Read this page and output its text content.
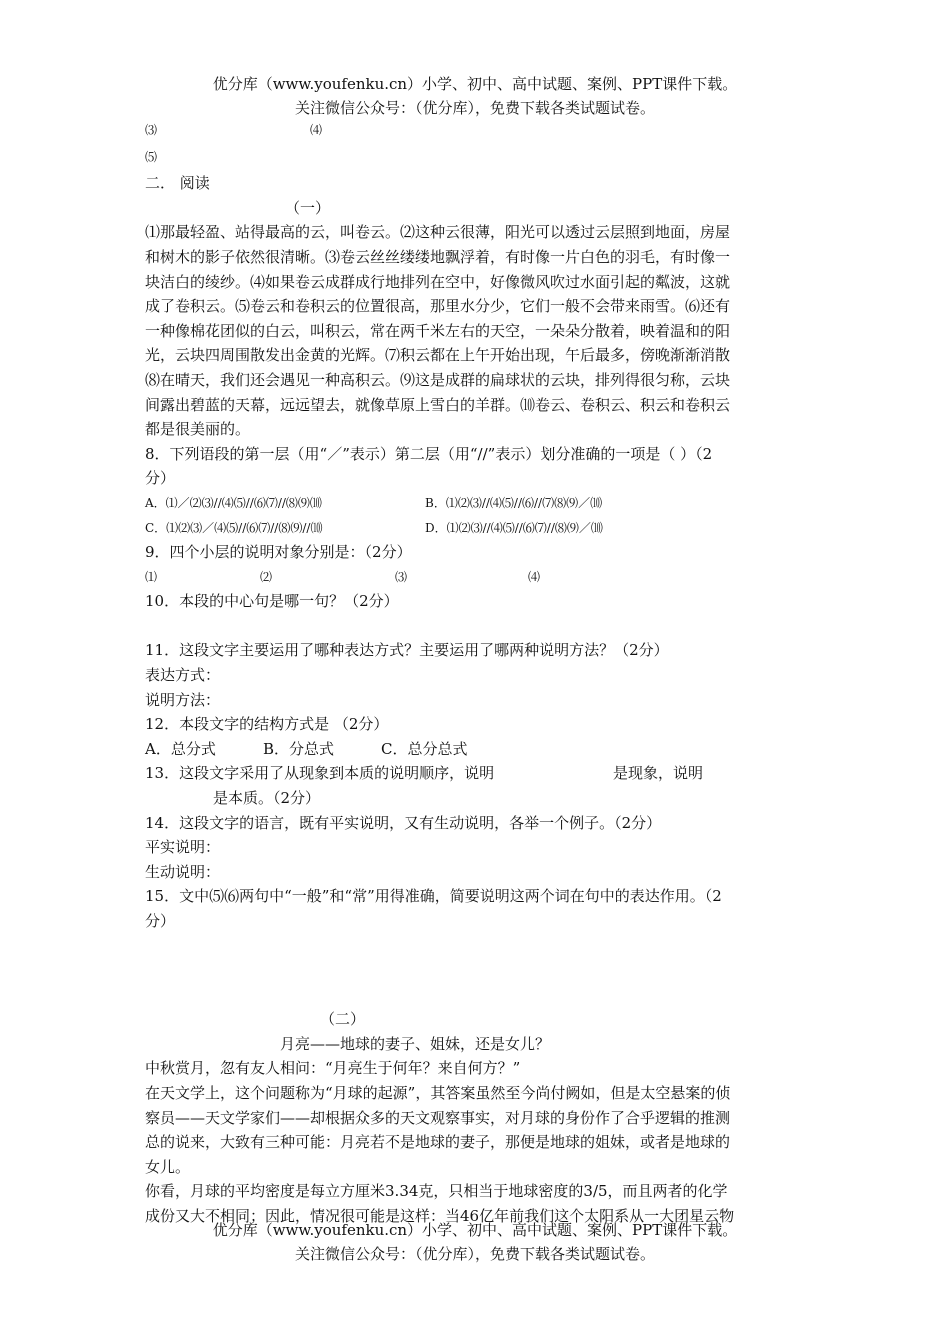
优分库（www.youfenku.cn）小学、初中、高中试题、案例、PPT课件下载。
关注微信公众号：（优分库），免费下载各类试题试卷。
⑶	⑷

⑸

二． 阅读

（一）

⑴那最轻盈、站得最高的云，叫卷云。⑵这种云很薄，阳光可以透过云层照到地面，房屋

和树木的影子依然很清晰。⑶卷云丝丝缕缕地飘浮着，有时像一片白色的羽毛，有时像一

块洁白的绫纱。⑷如果卷云成群成行地排列在空中，好像微风吹过水面引起的粼波，这就

成了卷积云。⑸卷云和卷积云的位置很高，那里水分少，它们一般不会带来雨雪。⑹还有

一种像棉花团似的白云，叫积云，常在两千米左右的天空，一朵朵分散着，映着温和的阳

光，云块四周围散发出金黄的光辉。⑺积云都在上午开始出现，午后最多，傍晚渐渐消散

⑻在晴天，我们还会遇见一种高积云。⑼这是成群的扁球状的云块，排列得很匀称，云块

间露出碧蓝的天幕，远远望去，就像草原上雪白的羊群。⑽卷云、卷积云、积云和卷积云

都是很美丽的。

8．下列语段的第一层（用“／”表示）第二层（用“//”表示）划分准确的一项是（ ）（2

分）

A．⑴／⑵⑶//⑷⑸//⑹⑺//⑻⑼⑽	B．⑴⑵⑶//⑷⑸//⑹//⑺⑻⑼／⑽
C．⑴⑵⑶／⑷⑸//⑹⑺//⑻⑼//⑽	D．⑴⑵⑶//⑷⑸//⑹⑺//⑻⑼／⑽

9．四个小层的说明对象分别是：（2分）

⑴	⑵	⑶	⑷

10．本段的中心句是哪一句？（2分）

11．这段文字主要运用了哪种表达方式？主要运用了哪两种说明方法？（2分）

表达方式：

说明方法：

12．本段文字的结构方式是 （2分）

A．总分式	B．分总式	C．总分总式
13．这段文字采用了从现象到本质的说明顺序，说明	是现象，说明

是本质。（2分）

14．这段文字的语言，既有平实说明，又有生动说明，各举一个例子。（2分）

平实说明：

生动说明：

15．文中⑸⑹两句中“一般”和“常”用得准确，简要说明这两个词在句中的表达作用。（2

分）

（二）

月亮——地球的妻子、姐妹，还是女儿？

中秋赏月，忽有友人相问：“月亮生于何年？来自何方？”

在天文学上，这个问题称为“月球的起源”，其答案虽然至今尚付阙如，但是太空悬案的侦

察员——天文学家们——却根据众多的天文观察事实，对月球的身份作了合乎逻辑的推测

总的说来，大致有三种可能：月亮若不是地球的妻子，那便是地球的姐妹，或者是地球的

女儿。

你看，月球的平均密度是每立方厘米3.34克，只相当于地球密度的3/5，而且两者的化学

成份又大不相同；因此，情况很可能是这样：当46亿年前我们这个太阳系从一大团星云物

优分库（www.youfenku.cn）小学、初中、高中试题、案例、PPT课件下载。
关注微信公众号：（优分库），免费下载各类试题试卷。
